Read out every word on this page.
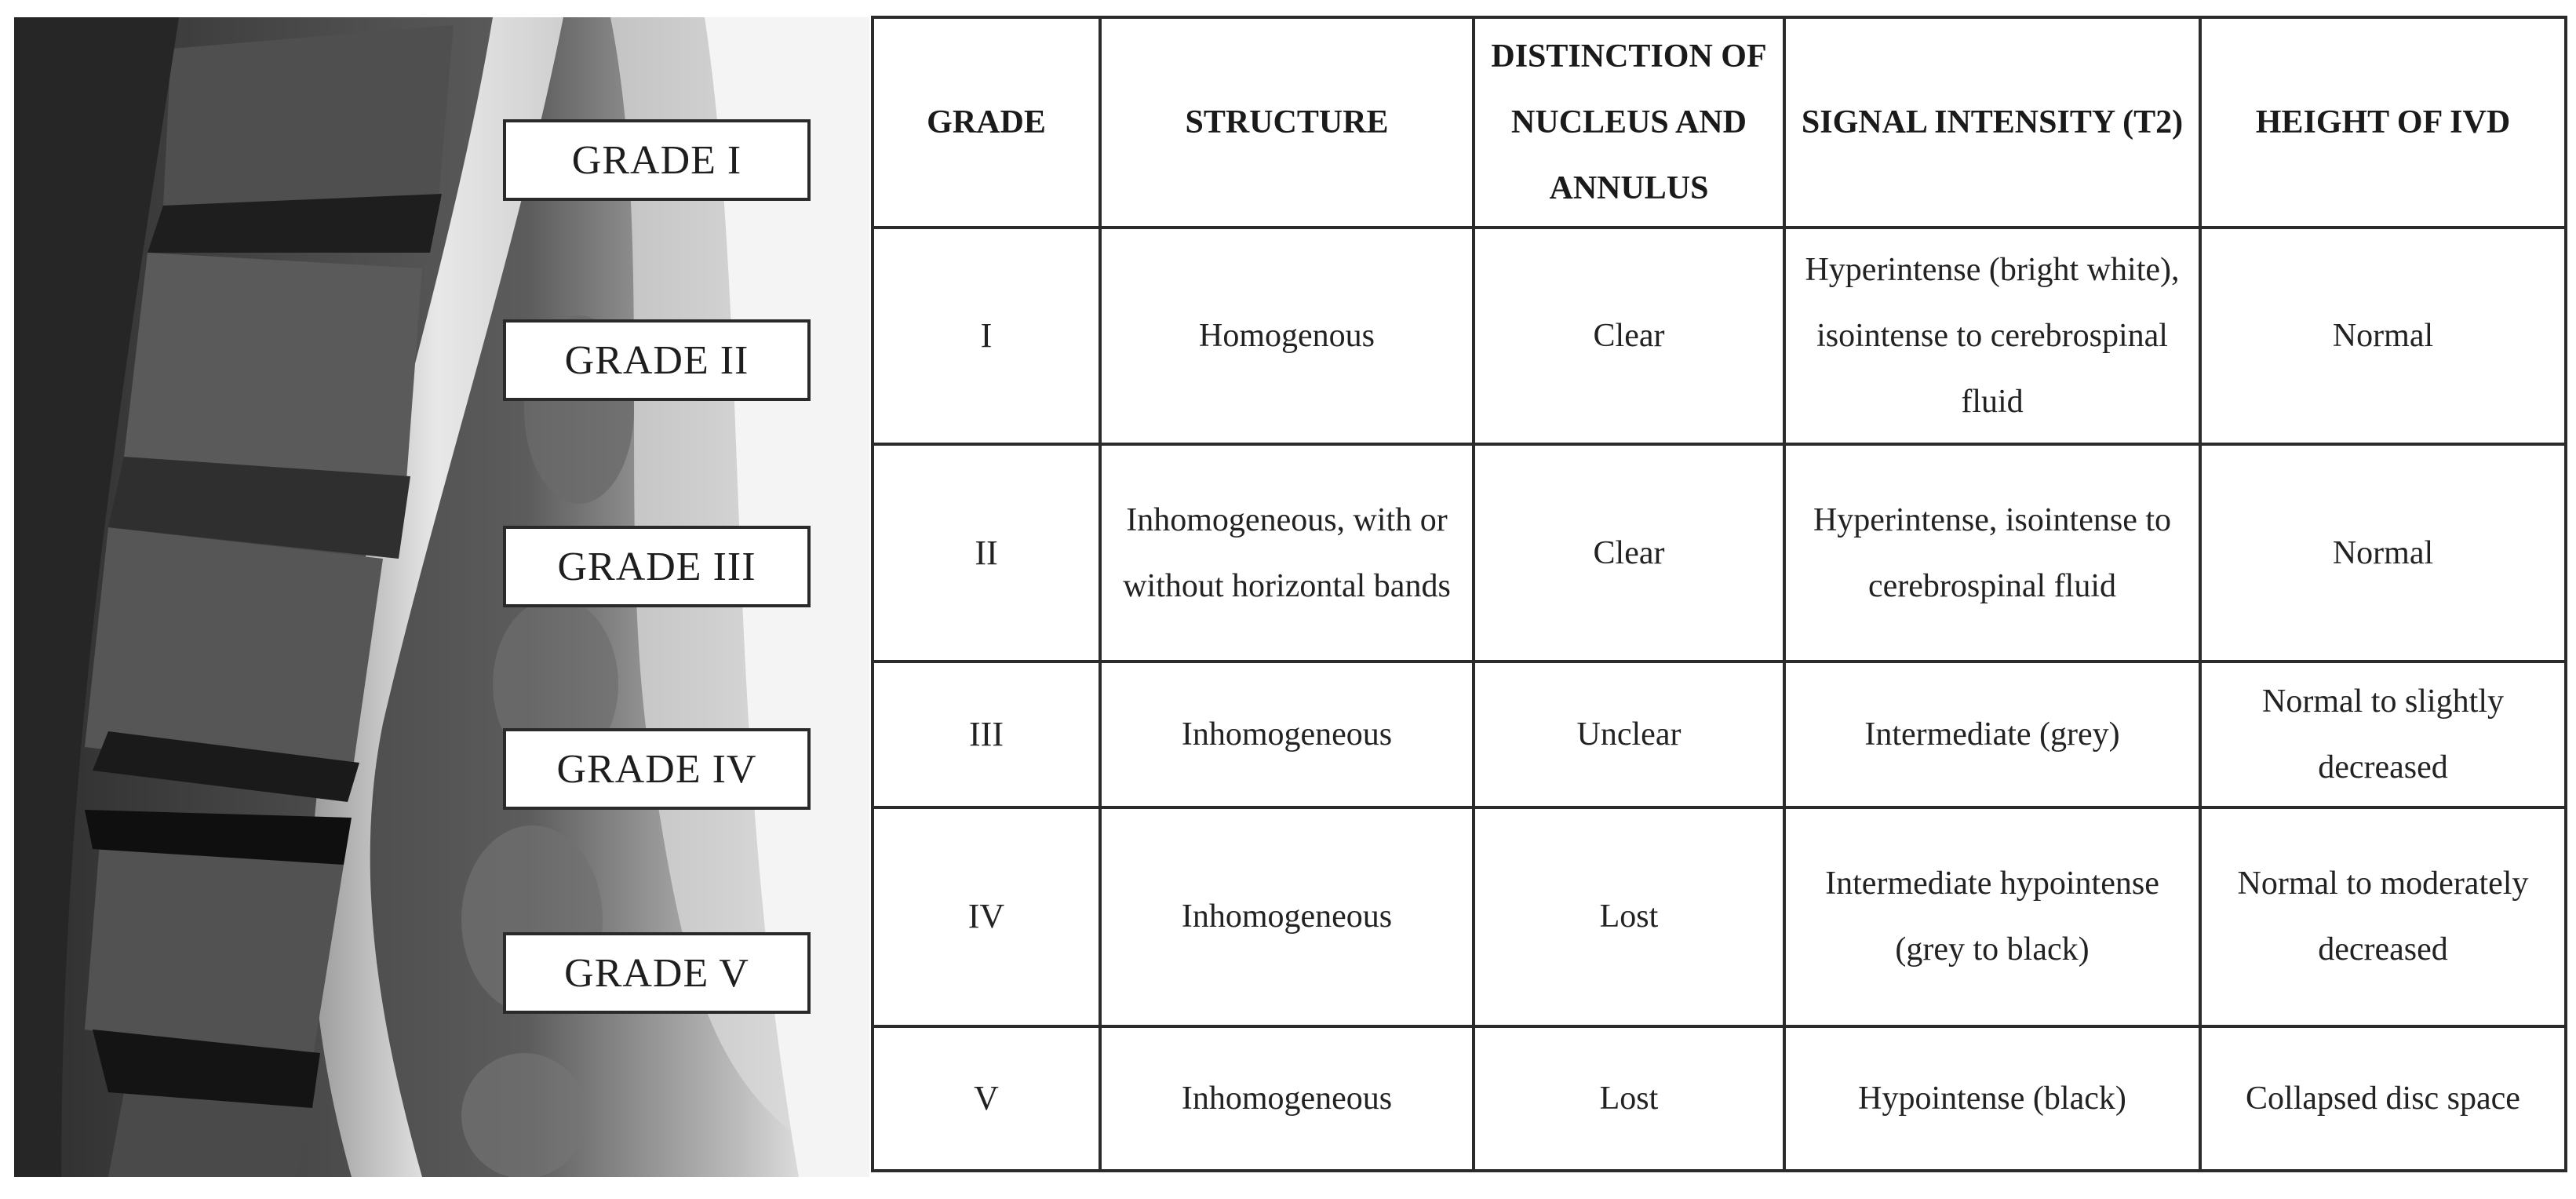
GRADE I
GRADE II
GRADE III
GRADE IV
GRADE V
GRADE	STRUCTURE	DISTINCTION OF NUCLEUS AND ANNULUS	SIGNAL INTENSITY (T2)	HEIGHT OF IVD
I	Homogenous	Clear	Hyperintense (bright white), isointense to cerebrospinal fluid	Normal
II	Inhomogeneous, with or without horizontal bands	Clear	Hyperintense, isointense to cerebrospinal fluid	Normal
III	Inhomogeneous	Unclear	Intermediate (grey)	Normal to slightly decreased
IV	Inhomogeneous	Lost	Intermediate hypointense (grey to black)	Normal to moderately decreased
V	Inhomogeneous	Lost	Hypointense (black)	Collapsed disc space
